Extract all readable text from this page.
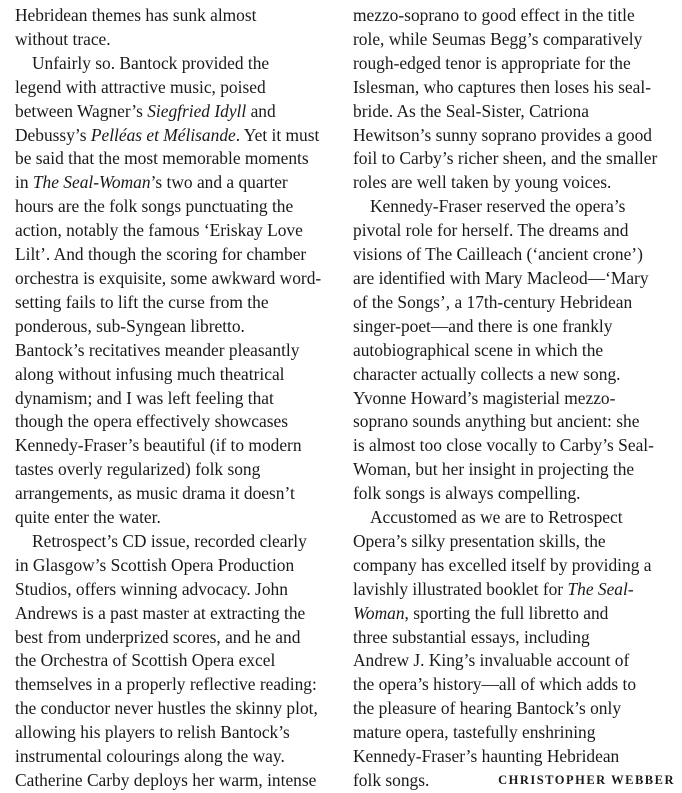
Hebridean themes has sunk almost
without trace.
Unfairly so. Bantock provided the
legend with attractive music, poised
between Wagner’s Siegfried Idyll and
Debussy’s Pelléas et Mélisande. Yet it must
be said that the most memorable moments
in The Seal-Woman’s two and a quarter
hours are the folk songs punctuating the
action, notably the famous ‘Eriskay Love
Lilt’. And though the scoring for chamber
orchestra is exquisite, some awkward word-
setting fails to lift the curse from the
ponderous, sub-Syngean libretto.
Bantock’s recitatives meander pleasantly
along without infusing much theatrical
dynamism; and I was left feeling that
though the opera effectively showcases
Kennedy-Fraser’s beautiful (if to modern
tastes overly regularized) folk song
arrangements, as music drama it doesn’t
quite enter the water.
Retrospect’s CD issue, recorded clearly
in Glasgow’s Scottish Opera Production
Studios, offers winning advocacy. John
Andrews is a past master at extracting the
best from underprized scores, and he and
the Orchestra of Scottish Opera excel
themselves in a properly reflective reading:
the conductor never hustles the skinny plot,
allowing his players to relish Bantock’s
instrumental colourings along the way.
Catherine Carby deploys her warm, intense
mezzo-soprano to good effect in the title
role, while Seumas Begg’s comparatively
rough-edged tenor is appropriate for the
Islesman, who captures then loses his seal-
bride. As the Seal-Sister, Catriona
Hewitson’s sunny soprano provides a good
foil to Carby’s richer sheen, and the smaller
roles are well taken by young voices.
Kennedy-Fraser reserved the opera’s
pivotal role for herself. The dreams and
visions of The Cailleach (‘ancient crone’)
are identified with Mary Macleod—‘Mary
of the Songs’, a 17th-century Hebridean
singer-poet—and there is one frankly
autobiographical scene in which the
character actually collects a new song.
Yvonne Howard’s magisterial mezzo-
soprano sounds anything but ancient: she
is almost too close vocally to Carby’s Seal-
Woman, but her insight in projecting the
folk songs is always compelling.
Accustomed as we are to Retrospect
Opera’s silky presentation skills, the
company has excelled itself by providing a
lavishly illustrated booklet for The Seal-
Woman, sporting the full libretto and
three substantial essays, including
Andrew J. King’s invaluable account of
the opera’s history—all of which adds to
the pleasure of hearing Bantock’s only
mature opera, tastefully enshrining
Kennedy-Fraser’s haunting Hebridean
folk songs.	CHRISTOPHER WEBBER
